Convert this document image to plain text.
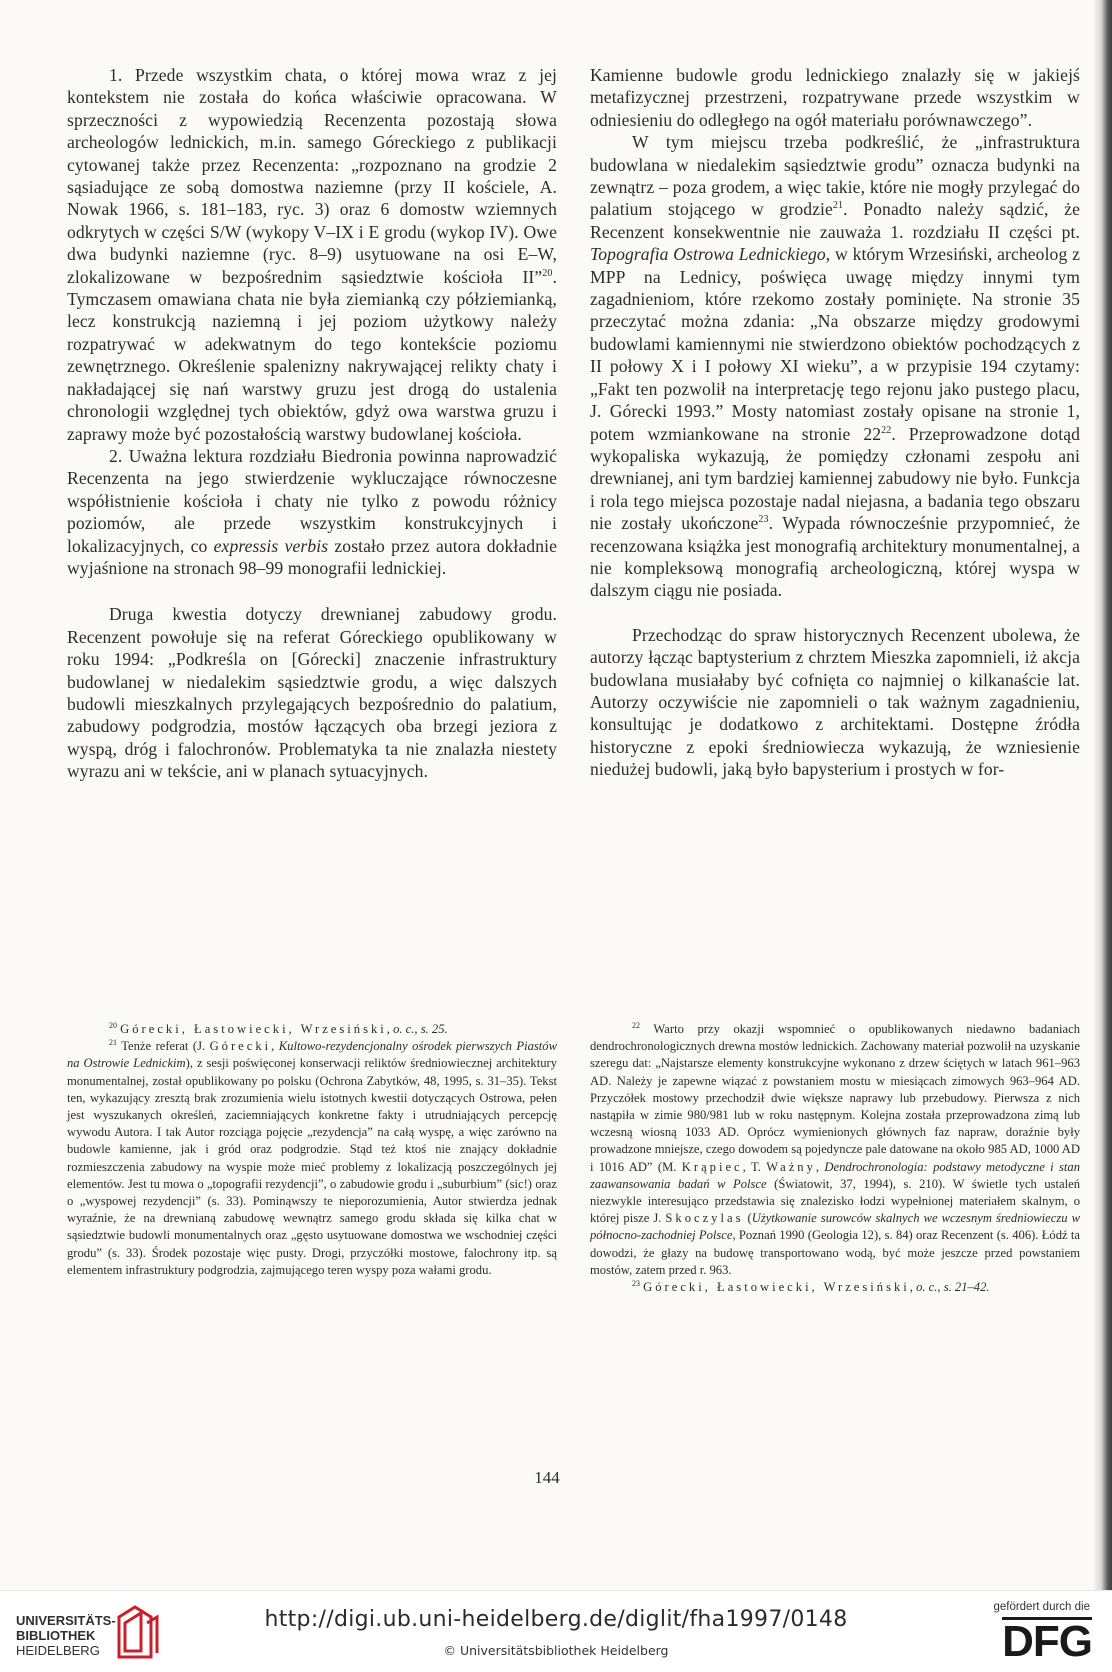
1. Przede wszystkim chata, o której mowa wraz z jej kontekstem nie została do końca właściwie opracowana. W sprzeczności z wypowiedzią Recenzenta pozostają słowa archeologów lednickich, m.in. samego Góreckiego z publikacji cytowanej także przez Recenzenta: „rozpoznano na grodzie 2 sąsiadujące ze sobą domostwa naziemne (przy II kościele, A. Nowak 1966, s. 181–183, ryc. 3) oraz 6 domostw wziemnych odkrytych w części S/W (wykopy V–IX i E grodu (wykop IV). Owe dwa budynki naziemne (ryc. 8–9) usytuowane na osi E–W, zlokalizowane w bezpośrednim sąsiedztwie kościoła II”$^{20}$. Tymczasem omawiana chata nie była ziemianką czy półziemianką, lecz konstrukcją naziemną i jej poziom użytkowy należy rozpatrywać w adekwatnym do tego kontekście poziomu zewnętrznego. Określenie spalenizny nakrywającej relikty chaty i nakładającej się nań warstwy gruzu jest drogą do ustalenia chronologii względnej tych obiektów, gdyż owa warstwa gruzu i zaprawy może być pozostałością warstwy budowlanej kościoła.

2. Uważna lektura rozdziału Biedronia powinna naprowadzić Recenzenta na jego stwierdzenie wykluczające równoczesne współistnienie kościoła i chaty nie tylko z powodu różnicy poziomów, ale przede wszystkim konstrukcyjnych i lokalizacyjnych, co expressis verbis zostało przez autora dokładnie wyjaśnione na stronach 98–99 monografii lednickiej.

Druga kwestia dotyczy drewnianej zabudowy grodu. Recenzent powołuje się na referat Góreckiego opublikowany w roku 1994: „Podkreśla on [Górecki] znaczenie infrastruktury budowlanej w niedalekim sąsiedztwie grodu, a więc dalszych budowli mieszkalnych przylegających bezpośrednio do palatium, zabudowy podgrodzia, mostów łączących oba brzegi jeziora z wyspą, dróg i falochronów. Problematyka ta nie znalazła niestety wyrazu ani w tekście, ani w planach sytuacyjnych.

Kamienne budowle grodu lednickiego znalazły się w jakiejś metafizycznej przestrzeni, rozpatrywane przede wszystkim w odniesieniu do odległego na ogół materiału porównawczego”.

W tym miejscu trzeba podkreślić, że „infrastruktura budowlana w niedalekim sąsiedztwie grodu” oznacza budynki na zewnątrz – poza grodem, a więc takie, które nie mogły przylegać do palatium stojącego w grodzie$^{21}$. Ponadto należy sądzić, że Recenzent konsekwentnie nie zauważa 1. rozdziału II części pt. Topografia Ostrowa Lednickiego, w którym Wrzesiński, archeolog z MPP na Lednicy, poświęca uwagę między innymi tym zagadnieniom, które rzekomo zostały pominięte. Na stronie 35 przeczytać można zdania: „Na obszarze między grodowymi budowlami kamiennymi nie stwierdzono obiektów pochodzących z II połowy X i I połowy XI wieku”, a w przypisie 194 czytamy: „Fakt ten pozwolił na interpretację tego rejonu jako pustego placu, J. Górecki 1993.” Mosty natomiast zostały opisane na stronie 1, potem wzmiankowane na stronie $22^{22}$. Przeprowadzone dotąd wykopaliska wykazują, że pomiędzy członami zespołu ani drewnianej, ani tym bardziej kamiennej zabudowy nie było. Funkcja i rola tego miejsca pozostaje nadal niejasna, a badania tego obszaru nie zostały ukończone$^{23}$. Wypada równocześnie przypomnieć, że recenzowana książka jest monografią architektury monumentalnej, a nie kompleksową monografią archeologiczną, której wyspa w dalszym ciągu nie posiada.

Przechodząc do spraw historycznych Recenzent ubolewa, że autorzy łącząc baptysterium z chrztem Mieszka zapomnieli, iż akcja budowlana musiałaby być cofnięta co najmniej o kilkanaście lat. Autorzy oczywiście nie zapomnieli o tak ważnym zagadnieniu, konsultując je dodatkowo z architektami. Dostępne źródła historyczne z epoki średniowiecza wykazują, że wzniesienie niedużej budowli, jaką było bapysterium i prostych w for-

$^{20}$ Górecki, Łastowiecki, Wrzesiński, o. c., s. 25.

$^{21}$ Tenże referat (J. Górecki, Kultowo-rezydencjonalny ośrodek pierwszych Piastów na Ostrowie Lednickim), z sesji poświęconej konserwacji reliktów średniowiecznej architektury monumentalnej, został opublikowany po polsku (Ochrona Zabytków, 48, 1995, s. 31–35). Tekst ten, wykazujący zresztą brak zrozumienia wielu istotnych kwestii dotyczących Ostrowa, pełen jest wyszukanych określeń, zaciemniających konkretne fakty i utrudniających percepcję wywodu Autora. I tak Autor rozciąga pojęcie „rezydencja” na całą wyspę, a więc zarówno na budowle kamienne, jak i gród oraz podgrodzie. Stąd też ktoś nie znający dokładnie rozmieszczenia zabudowy na wyspie może mieć problemy z lokalizacją poszczególnych jej elementów. Jest tu mowa o „topografii rezydencji”, o zabudowie grodu i „suburbium” (sic!) oraz o „wyspowej rezydencji” (s. 33). Pominąwszy te nieporozumienia, Autor stwierdza jednak wyraźnie, że na drewnianą zabudowę wewnątrz samego grodu składa się kilka chat w sąsiedztwie budowli monumentalnych oraz „gęsto usytuowane domostwa we wschodniej części grodu” (s. 33). Środek pozostaje więc pusty. Drogi, przyczółki mostowe, falochrony itp. są elementem infrastruktury podgrodzia, zajmującego teren wyspy poza wałami grodu.

$^{22}$ Warto przy okazji wspomnieć o opublikowanych niedawno badaniach dendrochronologicznych drewna mostów lednickich. Zachowany materiał pozwolił na uzyskanie szeregu dat: „Najstarsze elementy konstrukcyjne wykonano z drzew ściętych w latach 961–963 AD. Należy je zapewne wiązać z powstaniem mostu w miesiącach zimowych 963–964 AD. Przyczółek mostowy przechodził dwie większe naprawy lub przebudowy. Pierwsza z nich nastąpiła w zimie 980/981 lub w roku następnym. Kolejna została przeprowadzona zimą lub wczesną wiosną 1033 AD. Oprócz wymienionych głównych faz napraw, doraźnie były prowadzone mniejsze, czego dowodem są pojedyncze pale datowane na około 985 AD, 1000 AD i 1016 AD” (M. Krąpiec, T. Ważny, Dendrochronologia: podstawy metodyczne i stan zaawansowania badań w Polsce (Światowit, 37, 1994), s. 210). W świetle tych ustaleń niezwykle interesująco przedstawia się znalezisko łodzi wypełnionej materiałem skalnym, o której pisze J. Skoczylas (Użytkowanie surowców skalnych we wczesnym średniowieczu w północno-zachodniej Polsce, Poznań 1990 (Geologia 12), s. 84) oraz Recenzent (s. 406). Łódź ta dowodzi, że głazy na budowę transportowano wodą, być może jeszcze przed powstaniem mostów, zatem przed r. 963.

$^{23}$ Górecki, Łastowiecki, Wrzesiński, o. c., s. 21–42.

144
UNIVERSITÄTS-
BIBLIOTHEK
HEIDELBERG
http://digi.ub.uni-heidelberg.de/diglit/fha1997/0148
© Universitätsbibliothek Heidelberg
gefördert durch die
DFG
